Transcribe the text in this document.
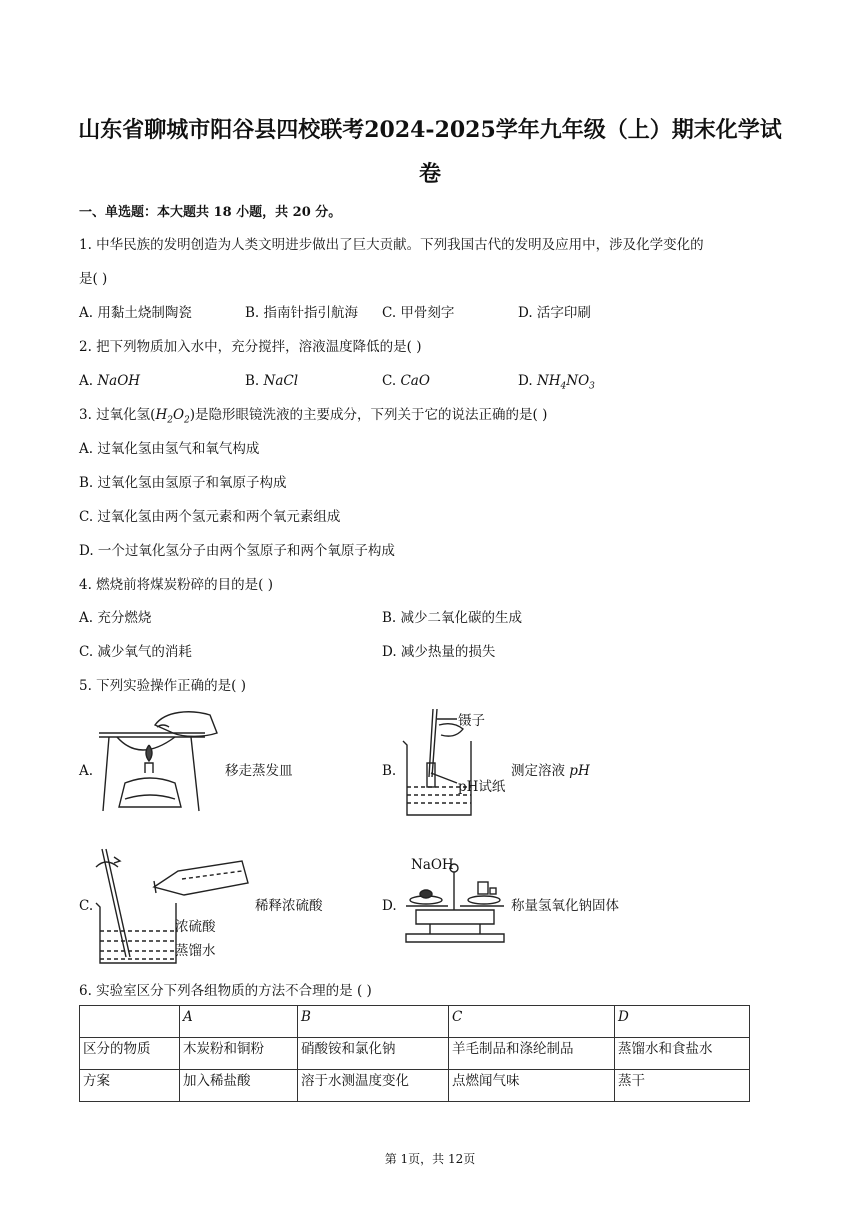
山东省聊城市阳谷县四校联考2024-2025学年九年级（上）期末化学试
卷
一、单选题：本大题共 18 小题，共 20 分。
1. 中华民族的发明创造为人类文明进步做出了巨大贡献。下列我国古代的发明及应用中，涉及化学变化的
是( )
A. 用黏土烧制陶瓷	B. 指南针指引航海 C. 甲骨刻字	D. 活字印刷
2. 把下列物质加入水中，充分搅拌，溶液温度降低的是( )
A. NaOH	B. NaCl	C. CaO	D. $NH_4NO_3$
3. 过氧化氢$(H_2O_2)$是隐形眼镜洗液的主要成分，下列关于它的说法正确的是( )
A. 过氧化氢由氢气和氧气构成
B. 过氧化氢由氢原子和氧原子构成
C. 过氧化氢由两个氢元素和两个氧元素组成
D. 一个过氧化氢分子由两个氢原子和两个氧原子构成
4. 燃烧前将煤炭粉碎的目的是( )
A. 充分燃烧	B. 减少二氧化碳的生成
C. 减少氧气的消耗	D. 减少热量的损失
5. 下列实验操作正确的是( )
A.	移走蒸发皿	B.
镊子
pH试纸
测定溶液 pH
C.
浓硫酸
蒸馏水
稀释浓硫酸	D.
NaOH
称量氢氧化钠固体
6. 实验室区分下列各组物质的方法不合理的是 ( )
	A	B	C	D
区分的物质	木炭粉和铜粉	硝酸铵和氯化钠	羊毛制品和涤纶制品	蒸馏水和食盐水
方案	加入稀盐酸	溶于水测温度变化	点燃闻气味	蒸干
第 1页，共 12页
